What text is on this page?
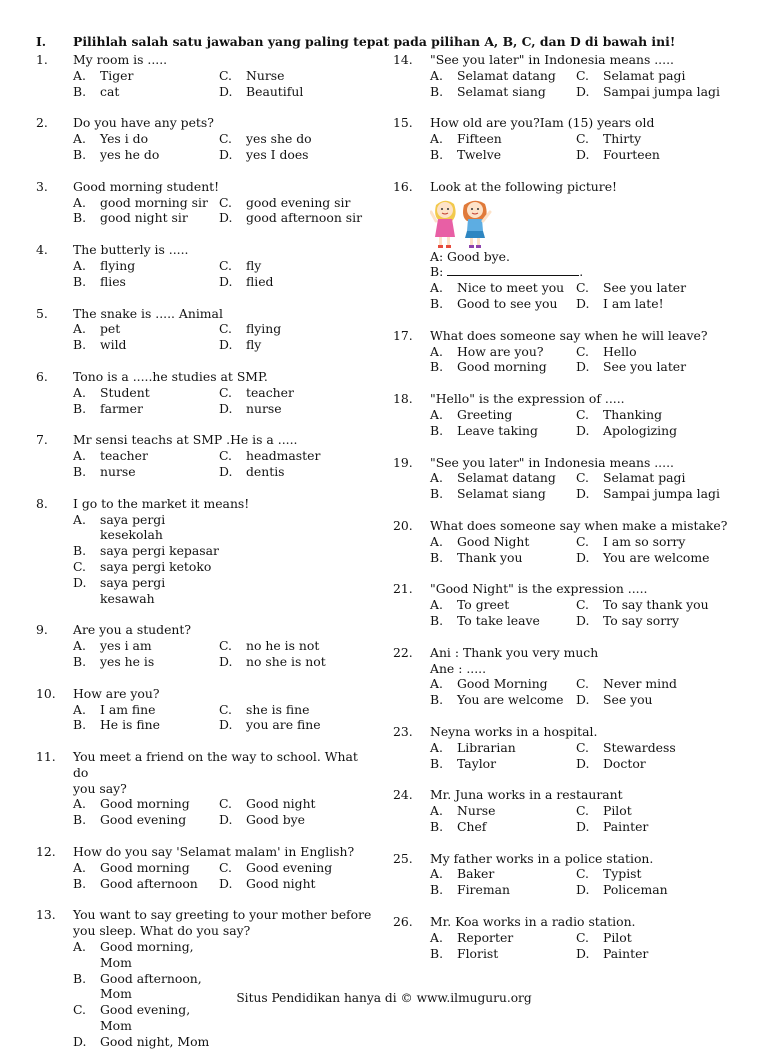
I.	Pilihlah salah satu jawaban yang paling tepat pada pilihan A, B, C, dan D di bawah ini!
1.	My room is .....
A.	Tiger	C.	Nurse
B.	cat	D.	Beautiful
2.	Do you have any pets?
A.	Yes i do	C.	yes she do
B.	yes he do	D.	yes I does
3.	Good morning student!
A.	good morning sir C.	good evening sir
B.	good night sir	D.	good afternoon sir
4.	The butterly is .....
A.	flying	C.	fly
B.	flies	D.	flied
5.	The snake is ..... Animal
A.	pet	C.	flying
B.	wild	D.	fly
6.	Tono is a .....he studies at SMP.
A.	Student	C.	teacher
B.	farmer	D.	nurse
7.	Mr sensi teachs at SMP .He is a .....
A.	teacher	C.	headmaster
B.	nurse	D.	dentis
8.	I go to the market it means!
A.	saya pergi kesekolah
B.	saya pergi kepasar
C.	saya pergi ketoko
D.	saya pergi kesawah
9.	Are you a student?
A.	yes i am	C.	no he is not
B.	yes he is	D.	no she is not
10.	How are you?
A.	I am fine	C.	she is fine
B.	He is fine	D.	you are fine
11.	You meet a friend on the way to school. What do
you say?
A.	Good morning C.	Good night
B.	Good evening	D.	Good bye
12.	How do you say 'Selamat malam' in English?
A.	Good morning C.	Good evening
B.	Good afternoon D.	Good night
13.	You want to say greeting to your mother before
you sleep. What do you say?
A.	Good morning, Mom
B.	Good afternoon, Mom
C.	Good evening, Mom
D.	Good night, Mom
14.	"See you later" in Indonesia means .....
A.	Selamat datang C.	Selamat pagi
B.	Selamat siang D.	Sampai jumpa lagi
15.	How old are you?Iam (15) years old
A.	Fifteen	C.	Thirty
B.	Twelve	D.	Fourteen
16.	Look at the following picture!
A: Good bye.
B:	.
A.	Nice to meet you C.	See you later
B.	Good to see you D.	I am late!
17.	What does someone say when he will leave?
A.	How are you?	C.	Hello
B.	Good morning D.	See you later
18.	"Hello" is the expression of .....
A.	Greeting	C.	Thanking
B.	Leave taking	D.	Apologizing
19.	"See you later" in Indonesia means .....
A.	Selamat datang C.	Selamat pagi
B.	Selamat siang D.	Sampai jumpa lagi
20.	What does someone say when make a mistake?
A.	Good Night	C.	I am so sorry
B.	Thank you	D.	You are welcome
21.	"Good Night" is the expression .....
A.	To greet	C.	To say thank you
B.	To take leave	D.	To say sorry
22.	Ani : Thank you very much
Ane : .....
A.	Good Morning C.	Never mind
B.	You are welcome D.	See you
23.	Neyna works in a hospital.
A.	Librarian	C.	Stewardess
B.	Taylor	D.	Doctor
24.	Mr. Juna works in a restaurant
A.	Nurse	C.	Pilot
B.	Chef	D.	Painter
25.	My father works in a police station.
A.	Baker	C.	Typist
B.	Fireman	D.	Policeman
26.	Mr. Koa works in a radio station.
A.	Reporter	C.	Pilot
B.	Florist	D.	Painter
Situs Pendidikan hanya di © www.ilmuguru.org
